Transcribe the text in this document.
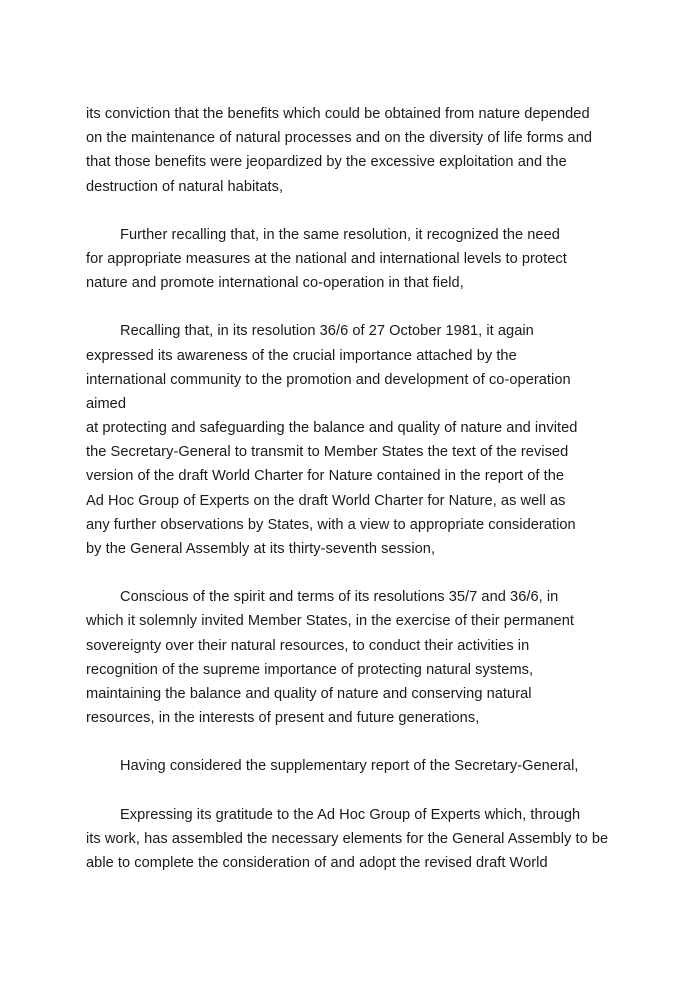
its conviction that the benefits which could be obtained from nature depended
on the maintenance of natural processes and on the diversity of life forms and
that those benefits were jeopardized by the excessive exploitation and the
destruction of natural habitats,
Further recalling that, in the same resolution, it recognized the need
for appropriate measures at the national and international levels to protect
nature and promote international co-operation in that field,
Recalling that, in its resolution 36/6 of 27 October 1981, it again
expressed its awareness of the crucial importance attached by the
international community to the promotion and development of co-operation
aimed
at protecting and safeguarding the balance and quality of nature and invited
the Secretary-General to transmit to Member States the text of the revised
version of the draft World Charter for Nature contained in the report of the
Ad Hoc Group of Experts on the draft World Charter for Nature, as well as
any further observations by States, with a view to appropriate consideration
by the General Assembly at its thirty-seventh session,
Conscious of the spirit and terms of its resolutions 35/7 and 36/6, in
which it solemnly invited Member States, in the exercise of their permanent
sovereignty over their natural resources, to conduct their activities in
recognition of the supreme importance of protecting natural systems,
maintaining the balance and quality of nature and conserving natural
resources, in the interests of present and future generations,
Having considered the supplementary report of the Secretary-General,
Expressing its gratitude to the Ad Hoc Group of Experts which, through
its work, has assembled the necessary elements for the General Assembly to be
able to complete the consideration of and adopt the revised draft World
